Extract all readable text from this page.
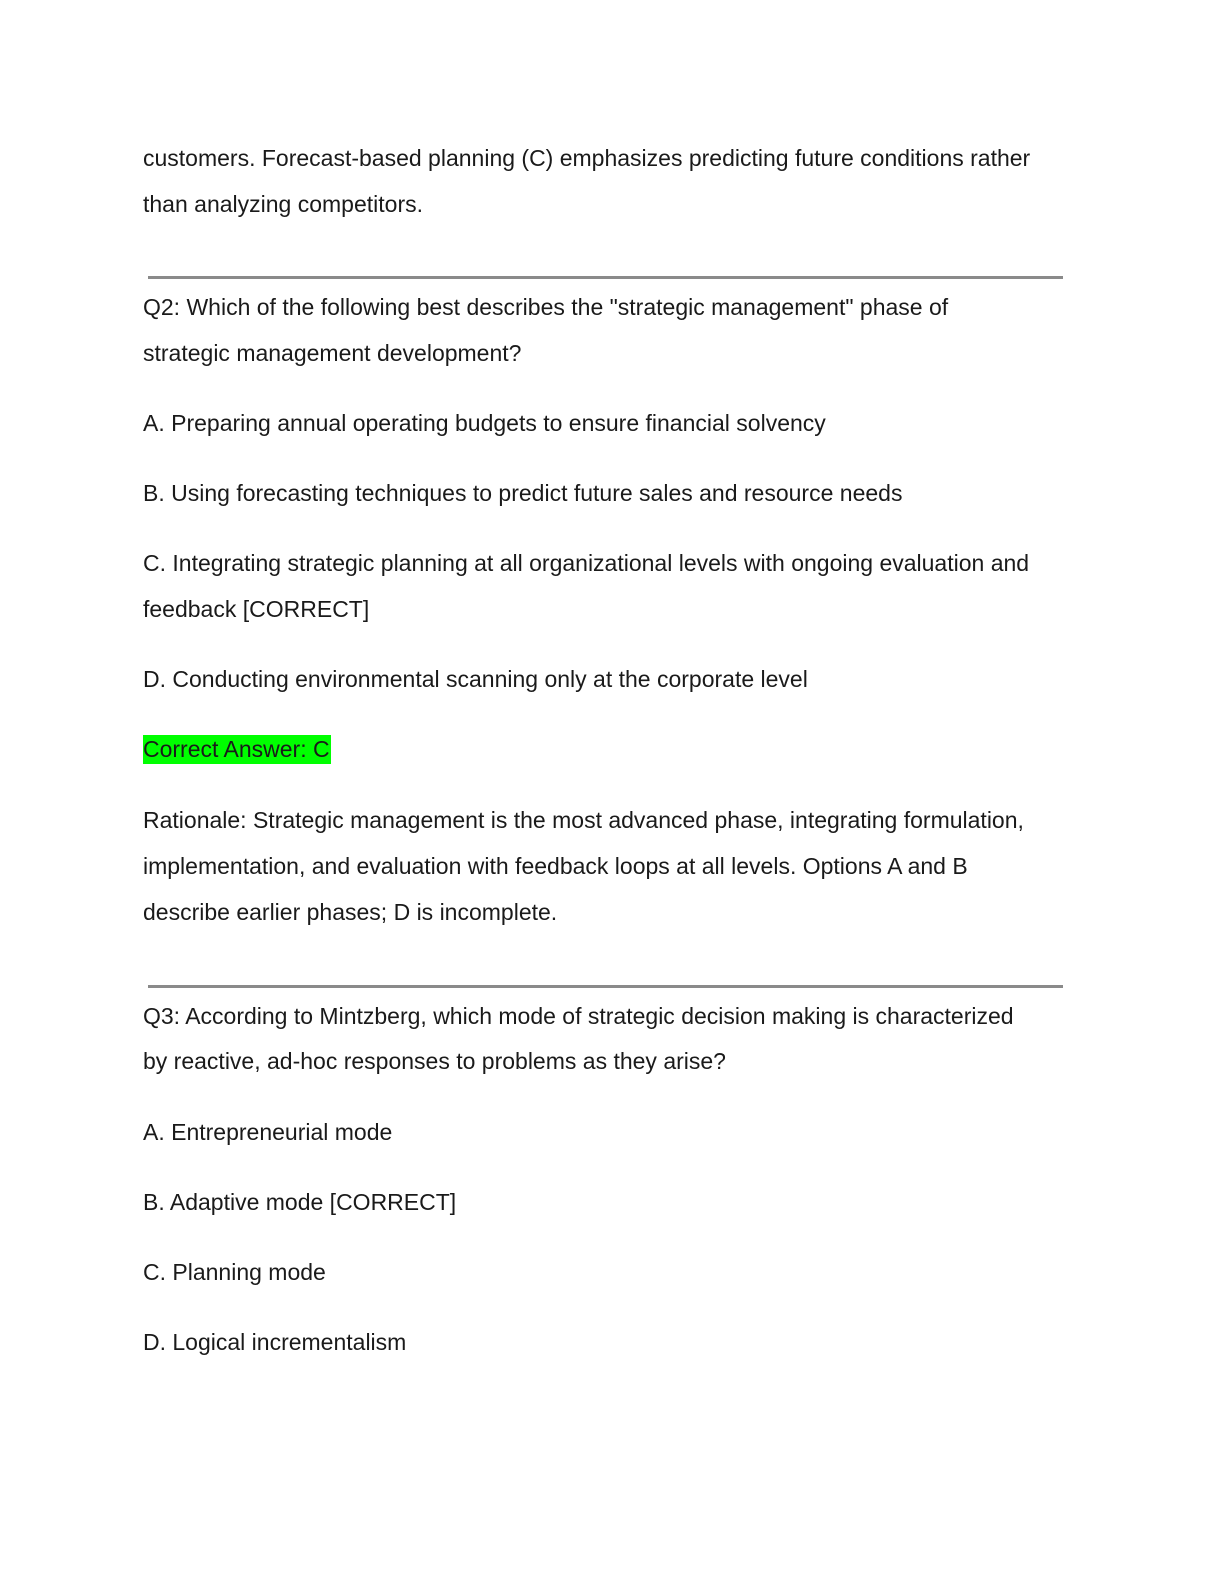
customers. Forecast-based planning (C) emphasizes predicting future conditions rather

than analyzing competitors.

Q2: Which of the following best describes the "strategic management" phase of

strategic management development?

A. Preparing annual operating budgets to ensure financial solvency

B. Using forecasting techniques to predict future sales and resource needs

C. Integrating strategic planning at all organizational levels with ongoing evaluation and

feedback [CORRECT]

D. Conducting environmental scanning only at the corporate level

Correct Answer: C

Rationale: Strategic management is the most advanced phase, integrating formulation,

implementation, and evaluation with feedback loops at all levels. Options A and B

describe earlier phases; D is incomplete.

Q3: According to Mintzberg, which mode of strategic decision making is characterized

by reactive, ad-hoc responses to problems as they arise?

A. Entrepreneurial mode

B. Adaptive mode [CORRECT]

C. Planning mode

D. Logical incrementalism
